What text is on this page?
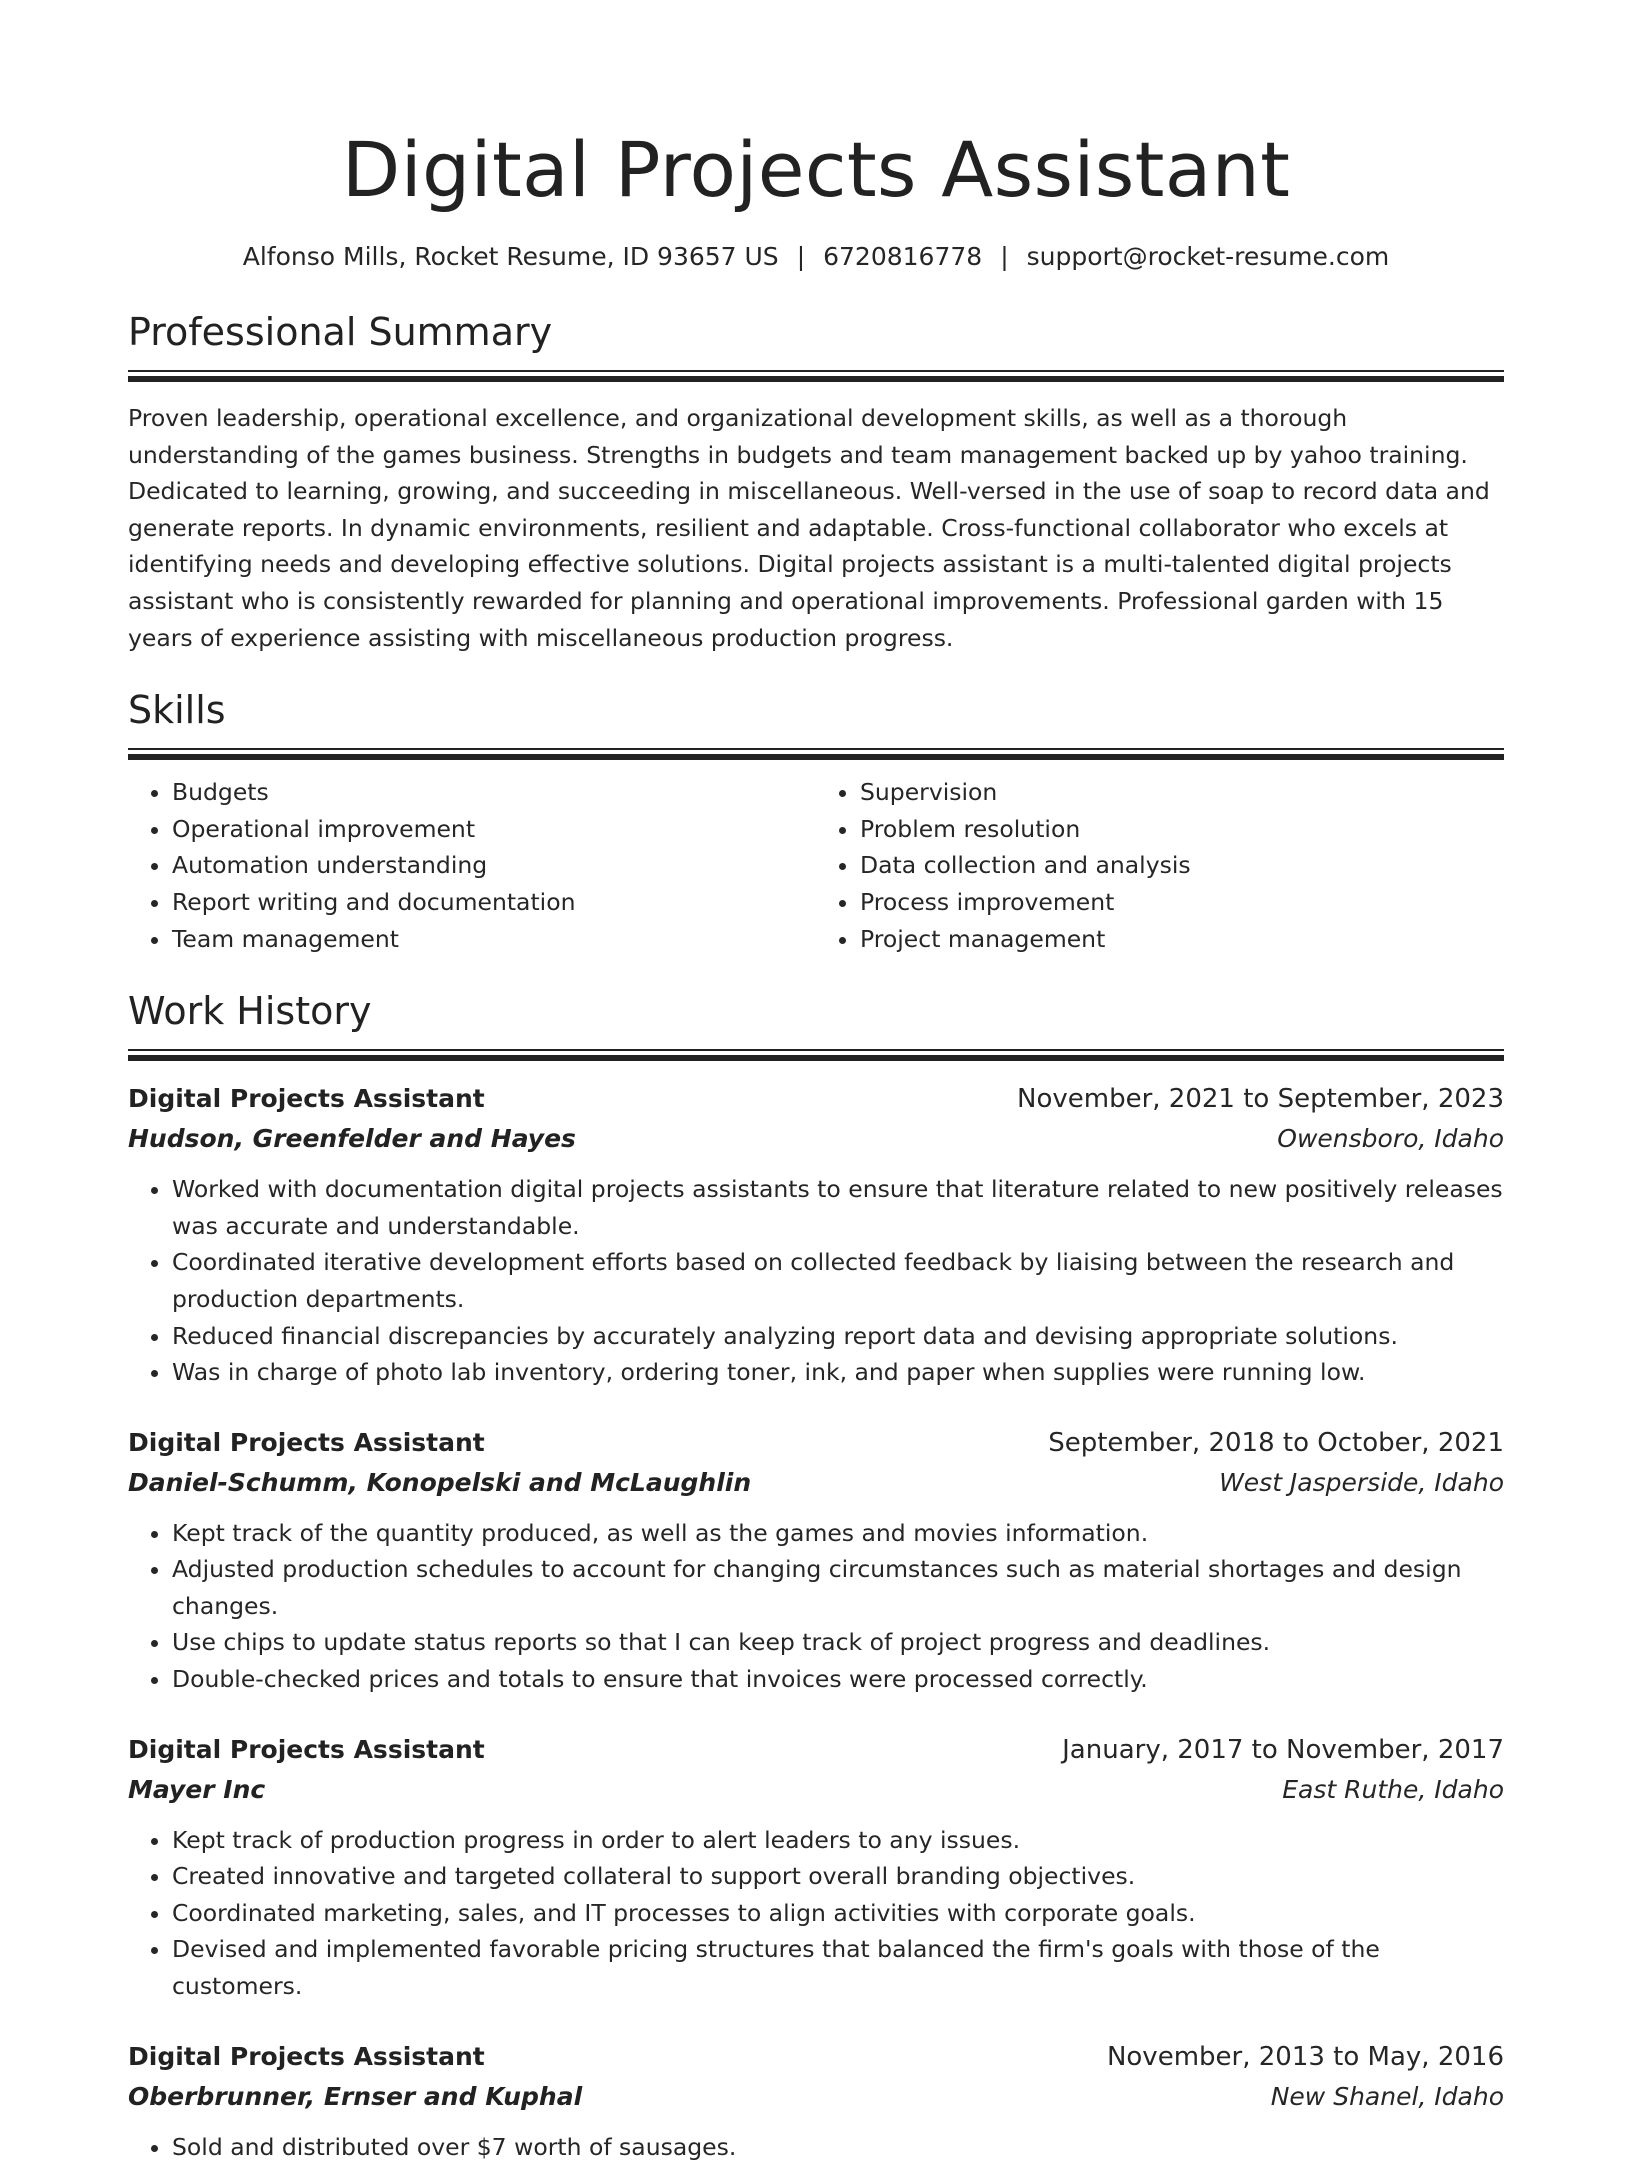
Digital Projects Assistant
Alfonso Mills, Rocket Resume, ID 93657 US | 6720816778 | support@rocket-resume.com
Professional Summary
Proven leadership, operational excellence, and organizational development skills, as well as a thorough understanding of the games business. Strengths in budgets and team management backed up by yahoo training. Dedicated to learning, growing, and succeeding in miscellaneous. Well-versed in the use of soap to record data and generate reports. In dynamic environments, resilient and adaptable. Cross-functional collaborator who excels at identifying needs and developing effective solutions. Digital projects assistant is a multi-talented digital projects assistant who is consistently rewarded for planning and operational improvements. Professional garden with 15 years of experience assisting with miscellaneous production progress.
Skills
• Budgets
• Operational improvement
• Automation understanding
• Report writing and documentation
• Team management
• Supervision
• Problem resolution
• Data collection and analysis
• Process improvement
• Project management
Work History
Digital Projects Assistant	November, 2021 to September, 2023
Hudson, Greenfelder and Hayes	Owensboro, Idaho
• Worked with documentation digital projects assistants to ensure that literature related to new positively releases was accurate and understandable.
• Coordinated iterative development efforts based on collected feedback by liaising between the research and production departments.
• Reduced financial discrepancies by accurately analyzing report data and devising appropriate solutions.
• Was in charge of photo lab inventory, ordering toner, ink, and paper when supplies were running low.
Digital Projects Assistant	September, 2018 to October, 2021
Daniel-Schumm, Konopelski and McLaughlin	West Jasperside, Idaho
• Kept track of the quantity produced, as well as the games and movies information.
• Adjusted production schedules to account for changing circumstances such as material shortages and design changes.
• Use chips to update status reports so that I can keep track of project progress and deadlines.
• Double-checked prices and totals to ensure that invoices were processed correctly.
Digital Projects Assistant	January, 2017 to November, 2017
Mayer Inc	East Ruthe, Idaho
• Kept track of production progress in order to alert leaders to any issues.
• Created innovative and targeted collateral to support overall branding objectives.
• Coordinated marketing, sales, and IT processes to align activities with corporate goals.
• Devised and implemented favorable pricing structures that balanced the firm's goals with those of the customers.
Digital Projects Assistant	November, 2013 to May, 2016
Oberbrunner, Ernser and Kuphal	New Shanel, Idaho
• Sold and distributed over $7 worth of sausages.
